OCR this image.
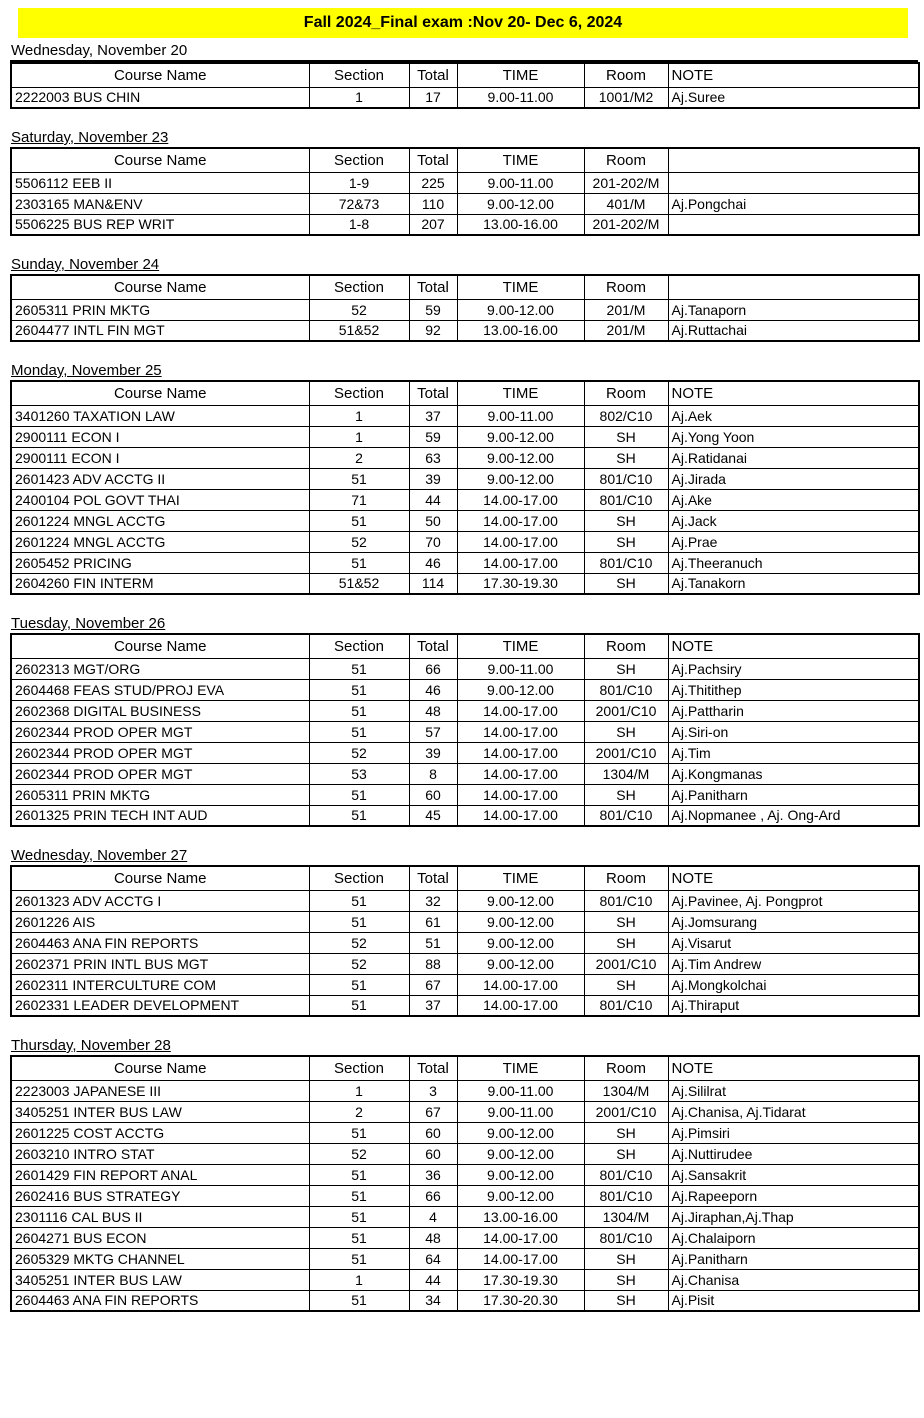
Fall 2024_Final exam :Nov 20- Dec 6, 2024
Wednesday, November 20
Course Name	Section	Total	TIME	Room	NOTE
2222003 BUS CHIN	1	17	9.00-11.00	1001/M2	Aj.Suree
Saturday, November 23
Course Name	Section	Total	TIME	Room	
5506112 EEB II	1-9	225	9.00-11.00	201-202/M	
2303165 MAN&ENV	72&73	110	9.00-12.00	401/M	Aj.Pongchai
5506225 BUS REP WRIT	1-8	207	13.00-16.00	201-202/M	
Sunday, November 24
Course Name	Section	Total	TIME	Room	
2605311 PRIN MKTG	52	59	9.00-12.00	201/M	Aj.Tanaporn
2604477 INTL FIN MGT	51&52	92	13.00-16.00	201/M	Aj.Ruttachai
Monday, November 25
Course Name	Section	Total	TIME	Room	NOTE
3401260 TAXATION LAW	1	37	9.00-11.00	802/C10	Aj.Aek
2900111 ECON I	1	59	9.00-12.00	SH	Aj.Yong Yoon
2900111 ECON I	2	63	9.00-12.00	SH	Aj.Ratidanai
2601423 ADV ACCTG II	51	39	9.00-12.00	801/C10	Aj.Jirada
2400104 POL GOVT THAI	71	44	14.00-17.00	801/C10	Aj.Ake
2601224 MNGL ACCTG	51	50	14.00-17.00	SH	Aj.Jack
2601224 MNGL ACCTG	52	70	14.00-17.00	SH	Aj.Prae
2605452 PRICING	51	46	14.00-17.00	801/C10	Aj.Theeranuch
2604260 FIN INTERM	51&52	114	17.30-19.30	SH	Aj.Tanakorn
Tuesday, November 26
Course Name	Section	Total	TIME	Room	NOTE
2602313 MGT/ORG	51	66	9.00-11.00	SH	Aj.Pachsiry
2604468 FEAS STUD/PROJ EVA	51	46	9.00-12.00	801/C10	Aj.Thitithep
2602368 DIGITAL BUSINESS	51	48	14.00-17.00	2001/C10	Aj.Pattharin
2602344 PROD OPER MGT	51	57	14.00-17.00	SH	Aj.Siri-on
2602344 PROD OPER MGT	52	39	14.00-17.00	2001/C10	Aj.Tim
2602344 PROD OPER MGT	53	8	14.00-17.00	1304/M	Aj.Kongmanas
2605311 PRIN MKTG	51	60	14.00-17.00	SH	Aj.Panitharn
2601325 PRIN TECH INT AUD	51	45	14.00-17.00	801/C10	Aj.Nopmanee , Aj. Ong-Ard
Wednesday, November 27
Course Name	Section	Total	TIME	Room	NOTE
2601323 ADV ACCTG I	51	32	9.00-12.00	801/C10	Aj.Pavinee, Aj. Pongprot
2601226 AIS	51	61	9.00-12.00	SH	Aj.Jomsurang
2604463 ANA FIN REPORTS	52	51	9.00-12.00	SH	Aj.Visarut
2602371 PRIN INTL BUS MGT	52	88	9.00-12.00	2001/C10	Aj.Tim Andrew
2602311 INTERCULTURE COM	51	67	14.00-17.00	SH	Aj.Mongkolchai
2602331 LEADER DEVELOPMENT	51	37	14.00-17.00	801/C10	Aj.Thiraput
Thursday, November 28
Course Name	Section	Total	TIME	Room	NOTE
2223003 JAPANESE III	1	3	9.00-11.00	1304/M	Aj.Sililrat
3405251 INTER BUS LAW	2	67	9.00-11.00	2001/C10	Aj.Chanisa, Aj.Tidarat
2601225 COST ACCTG	51	60	9.00-12.00	SH	Aj.Pimsiri
2603210 INTRO STAT	52	60	9.00-12.00	SH	Aj.Nuttirudee
2601429 FIN REPORT ANAL	51	36	9.00-12.00	801/C10	Aj.Sansakrit
2602416 BUS STRATEGY	51	66	9.00-12.00	801/C10	Aj.Rapeeporn
2301116 CAL BUS II	51	4	13.00-16.00	1304/M	Aj.Jiraphan,Aj.Thap
2604271 BUS ECON	51	48	14.00-17.00	801/C10	Aj.Chalaiporn
2605329 MKTG CHANNEL	51	64	14.00-17.00	SH	Aj.Panitharn
3405251 INTER BUS LAW	1	44	17.30-19.30	SH	Aj.Chanisa
2604463 ANA FIN REPORTS	51	34	17.30-20.30	SH	Aj.Pisit
